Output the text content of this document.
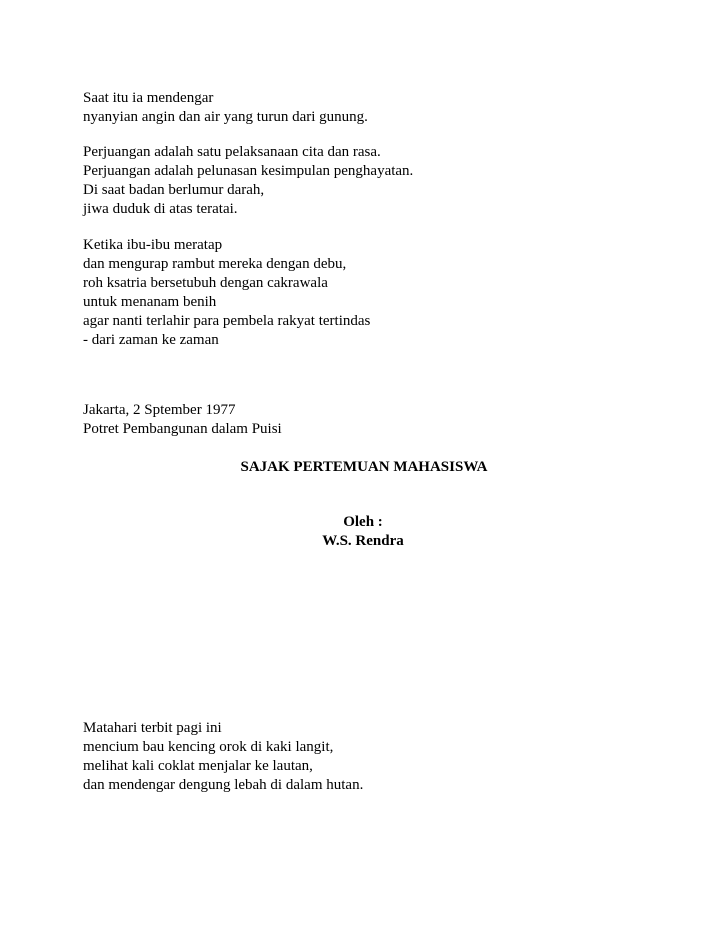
Saat itu ia mendengar
nyanyian angin dan air yang turun dari gunung.
Perjuangan adalah satu pelaksanaan cita dan rasa.
Perjuangan adalah pelunasan kesimpulan penghayatan.
Di saat badan berlumur darah,
jiwa duduk di atas teratai.
Ketika ibu-ibu meratap
dan mengurap rambut mereka dengan debu,
roh ksatria bersetubuh dengan cakrawala
untuk menanam benih
agar nanti terlahir para pembela rakyat tertindas
- dari zaman ke zaman
Jakarta, 2 Sptember 1977
Potret Pembangunan dalam Puisi
SAJAK PERTEMUAN MAHASISWA
Oleh :
W.S. Rendra
Matahari terbit pagi ini
mencium bau kencing orok di kaki langit,
melihat kali coklat menjalar ke lautan,
dan mendengar dengung lebah di dalam hutan.
